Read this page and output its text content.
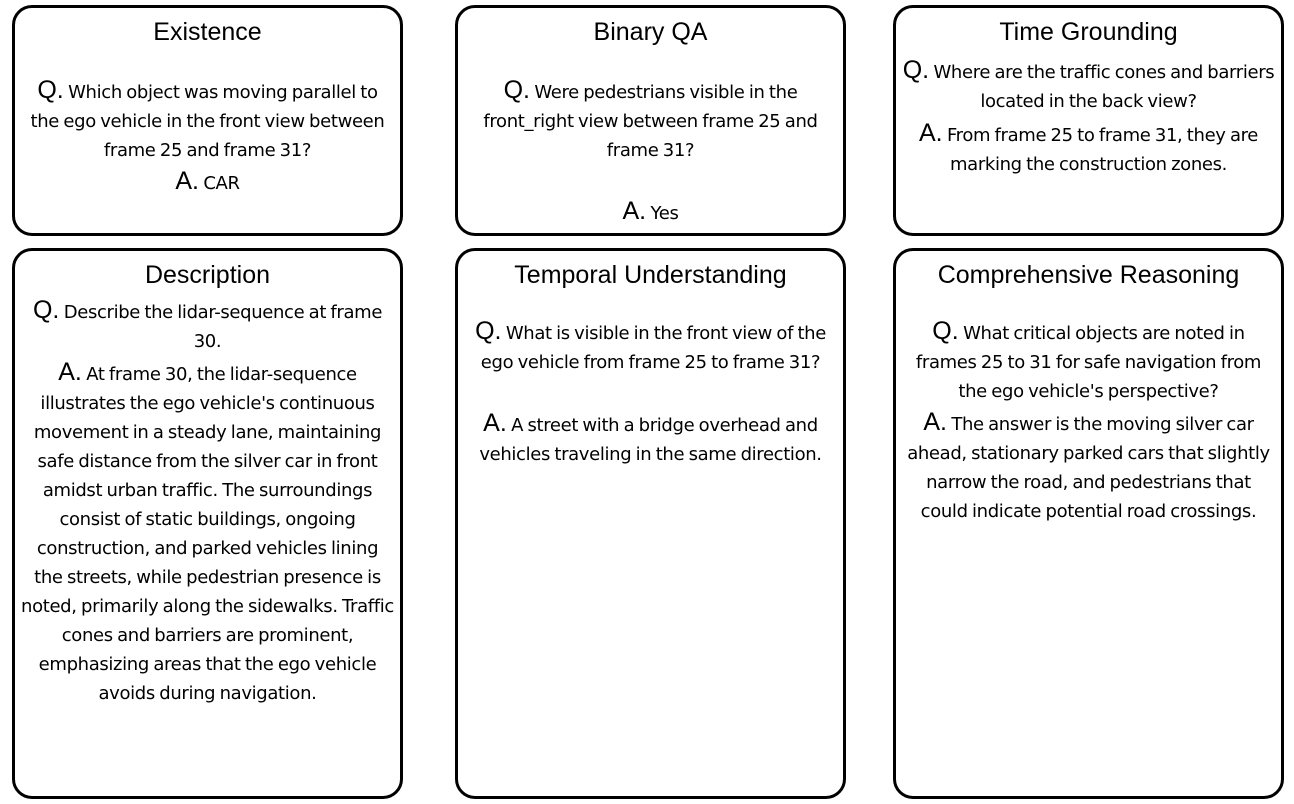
Existence

Q. Which object was moving parallel to the ego vehicle in the front view between frame 25 and frame 31?

A. CAR

Binary QA

Q. Were pedestrians visible in the front_right view between frame 25 and frame 31?

A. Yes

Time Grounding

Q. Where are the traffic cones and barriers located in the back view?

A. From frame 25 to frame 31, they are marking the construction zones.

Description

Q. Describe the lidar-sequence at frame 30.

A. At frame 30, the lidar-sequence illustrates the ego vehicle's continuous movement in a steady lane, maintaining safe distance from the silver car in front amidst urban traffic. The surroundings consist of static buildings, ongoing construction, and parked vehicles lining the streets, while pedestrian presence is noted, primarily along the sidewalks. Traffic cones and barriers are prominent, emphasizing areas that the ego vehicle avoids during navigation.

Temporal Understanding

Q. What is visible in the front view of the ego vehicle from frame 25 to frame 31?

A. A street with a bridge overhead and vehicles traveling in the same direction.

Comprehensive Reasoning

Q. What critical objects are noted in frames 25 to 31 for safe navigation from the ego vehicle's perspective?

A. The answer is the moving silver car ahead, stationary parked cars that slightly narrow the road, and pedestrians that could indicate potential road crossings.
